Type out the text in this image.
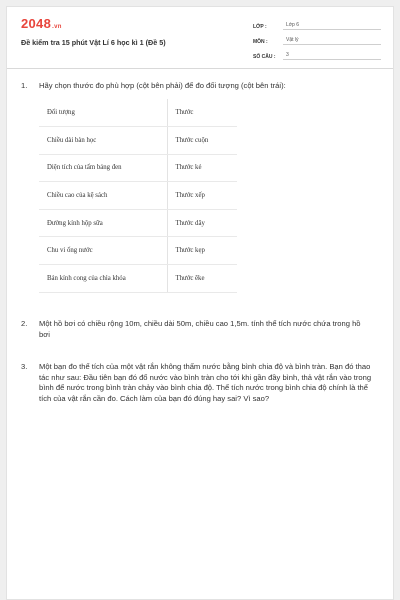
2048.vn
Đề kiểm tra 15 phút Vật Lí 6 học kì 1 (Đề 5)
LỚP :	Lớp 6
MÔN :	Vật lý
SỐ CÂU :	3
1.	Hãy chọn thước đo phù hợp (cột bên phải) để đo đối tượng (cột bên trái):
Đối tượng	Thước
Chiều dài bàn học	Thước cuộn
Diện tích của tấm bảng đen	Thước kẻ
Chiều cao của kệ sách	Thước xếp
Đường kính hộp sữa	Thước dây
Chu vi ống nước	Thước kẹp
Bán kính cong của chìa khóa	Thước êke
2.	Một hồ bơi có chiều rộng 10m, chiều dài 50m, chiều cao 1,5m. tính thể tích nước chứa trong hồ bơi
3.	Một bạn đo thể tích của một vật rắn không thấm nước bằng bình chia độ và bình tràn. Bạn đó thao tác như sau: Đầu tiên bạn đó đổ nước vào bình tràn cho tới khi gần đầy bình, thả vật rắn vào trong bình để nước trong bình tràn chảy vào bình chia độ. Thể tích nước trong bình chia độ chính là thể tích của vật rắn cần đo. Cách làm của bạn đó đúng hay sai? Vì sao?
